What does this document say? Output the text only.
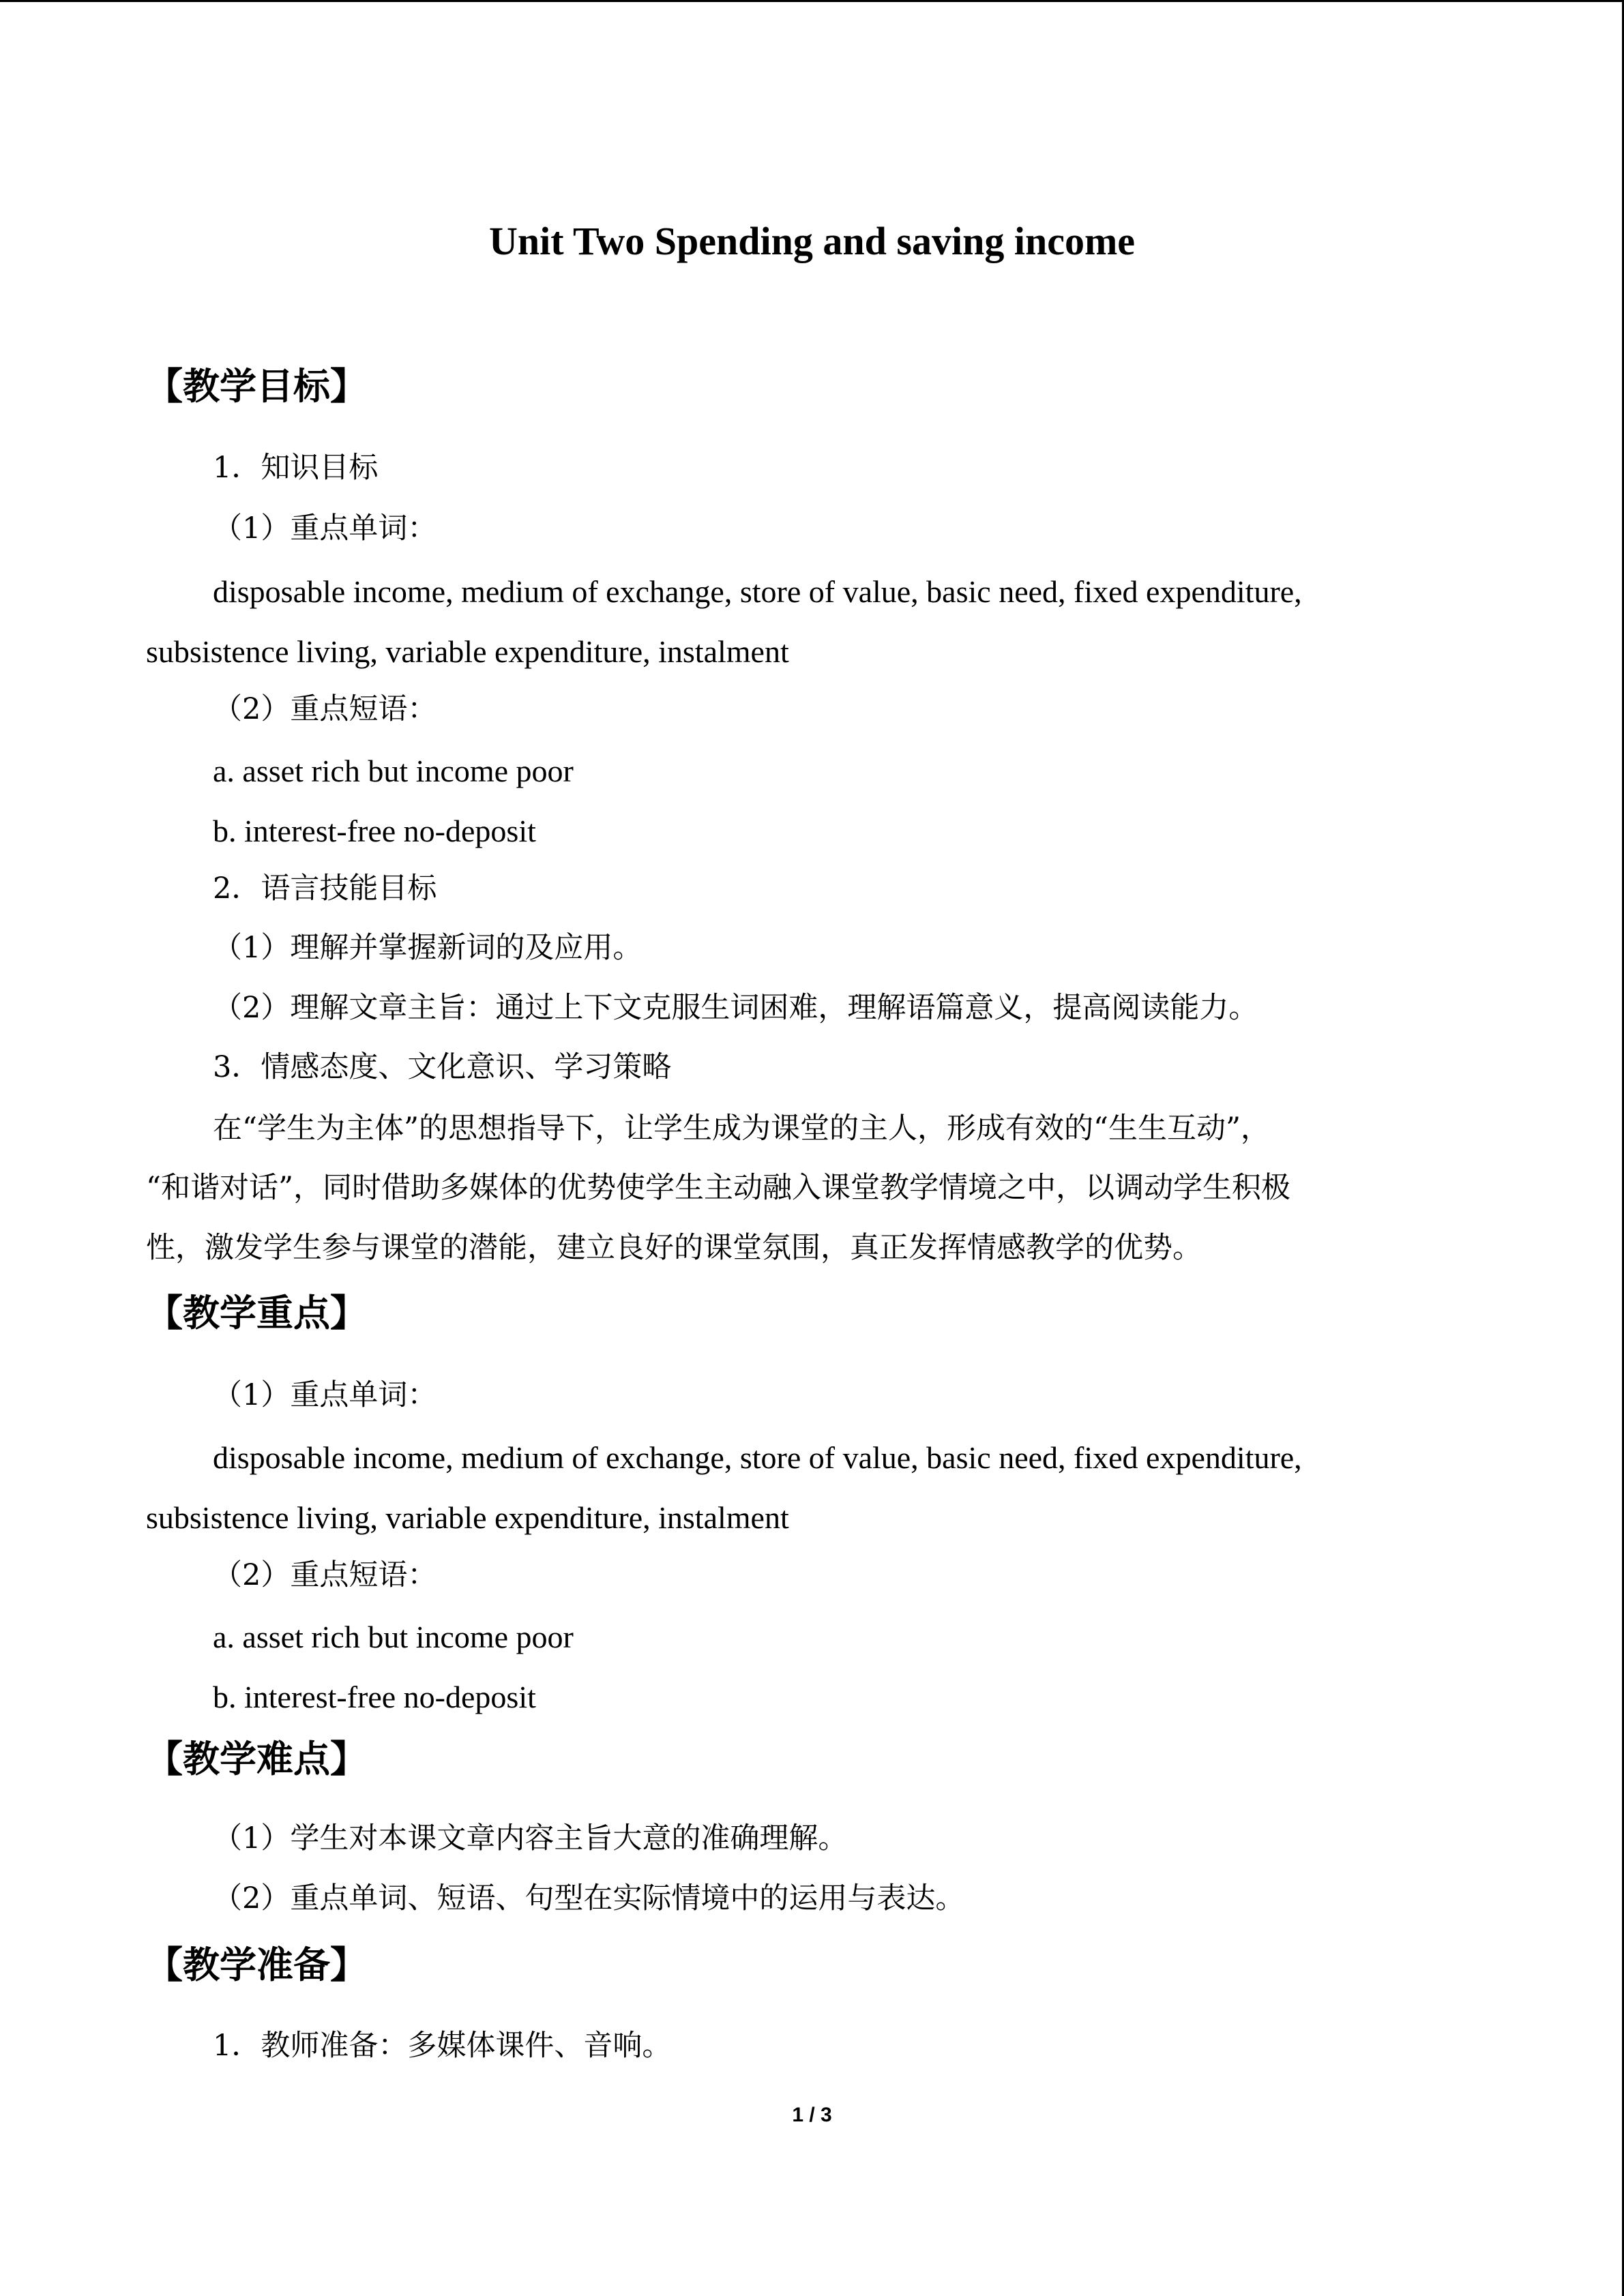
Unit Two Spending and saving income
【教学目标】
1．知识目标
（1）重点单词：
disposable income, medium of exchange, store of value, basic need, fixed expenditure,
subsistence living, variable expenditure, instalment
（2）重点短语：
a. asset rich but income poor
b. interest-free no-deposit
2．语言技能目标
（1）理解并掌握新词的及应用。
（2）理解文章主旨：通过上下文克服生词困难，理解语篇意义，提高阅读能力。
3．情感态度、文化意识、学习策略
在“学生为主体”的思想指导下，让学生成为课堂的主人，形成有效的“生生互动”，
“和谐对话”，同时借助多媒体的优势使学生主动融入课堂教学情境之中，以调动学生积极
性，激发学生参与课堂的潜能，建立良好的课堂氛围，真正发挥情感教学的优势。
【教学重点】
（1）重点单词：
disposable income, medium of exchange, store of value, basic need, fixed expenditure,
subsistence living, variable expenditure, instalment
（2）重点短语：
a. asset rich but income poor
b. interest-free no-deposit
【教学难点】
（1）学生对本课文章内容主旨大意的准确理解。
（2）重点单词、短语、句型在实际情境中的运用与表达。
【教学准备】
1．教师准备：多媒体课件、音响。
1 / 3
